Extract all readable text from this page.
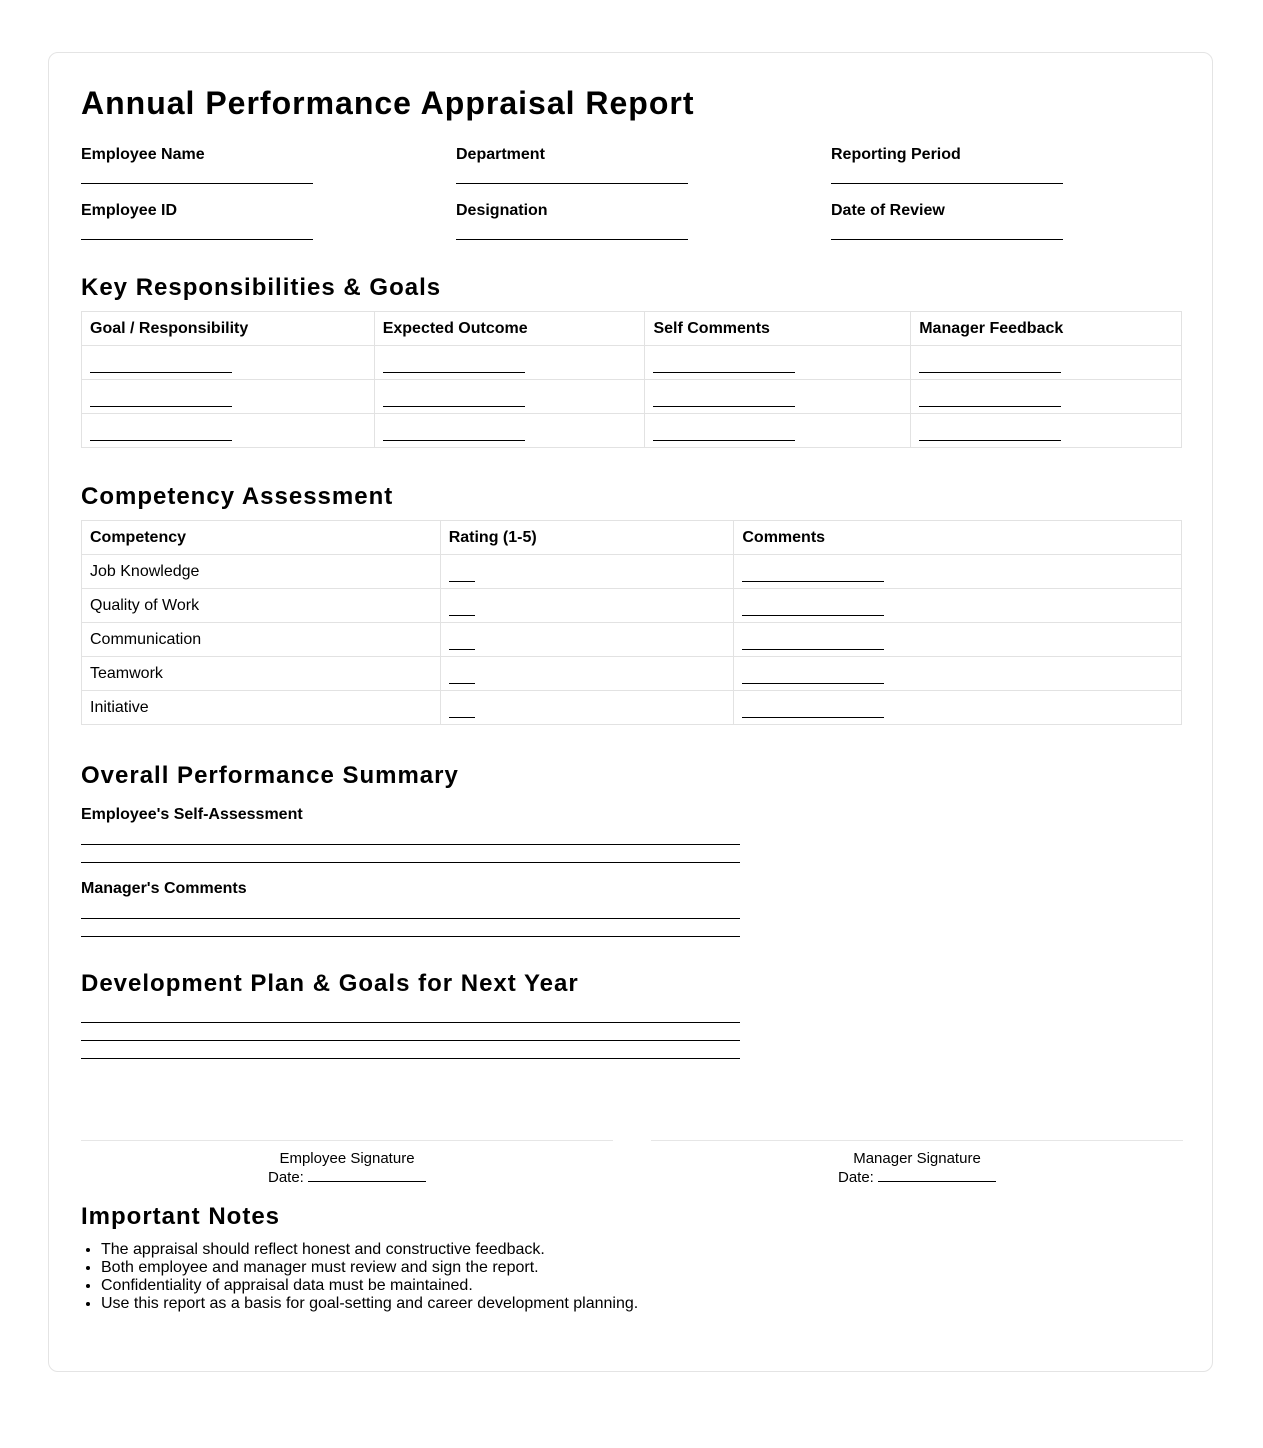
Annual Performance Appraisal Report
Employee Name	Department	Reporting Period
Employee ID	Designation	Date of Review
Key Responsibilities & Goals
Goal / Responsibility	Expected Outcome	Self Comments	Manager Feedback

Competency Assessment
Competency	Rating (1-5)	Comments
Job Knowledge		
Quality of Work		
Communication		
Teamwork		
Initiative		
Overall Performance Summary
Employee's Self-Assessment
Manager's Comments
Development Plan & Goals for Next Year
Employee Signature
Date:
Manager Signature
Date:
Important Notes
• The appraisal should reflect honest and constructive feedback.
• Both employee and manager must review and sign the report.
• Confidentiality of appraisal data must be maintained.
• Use this report as a basis for goal-setting and career development planning.
